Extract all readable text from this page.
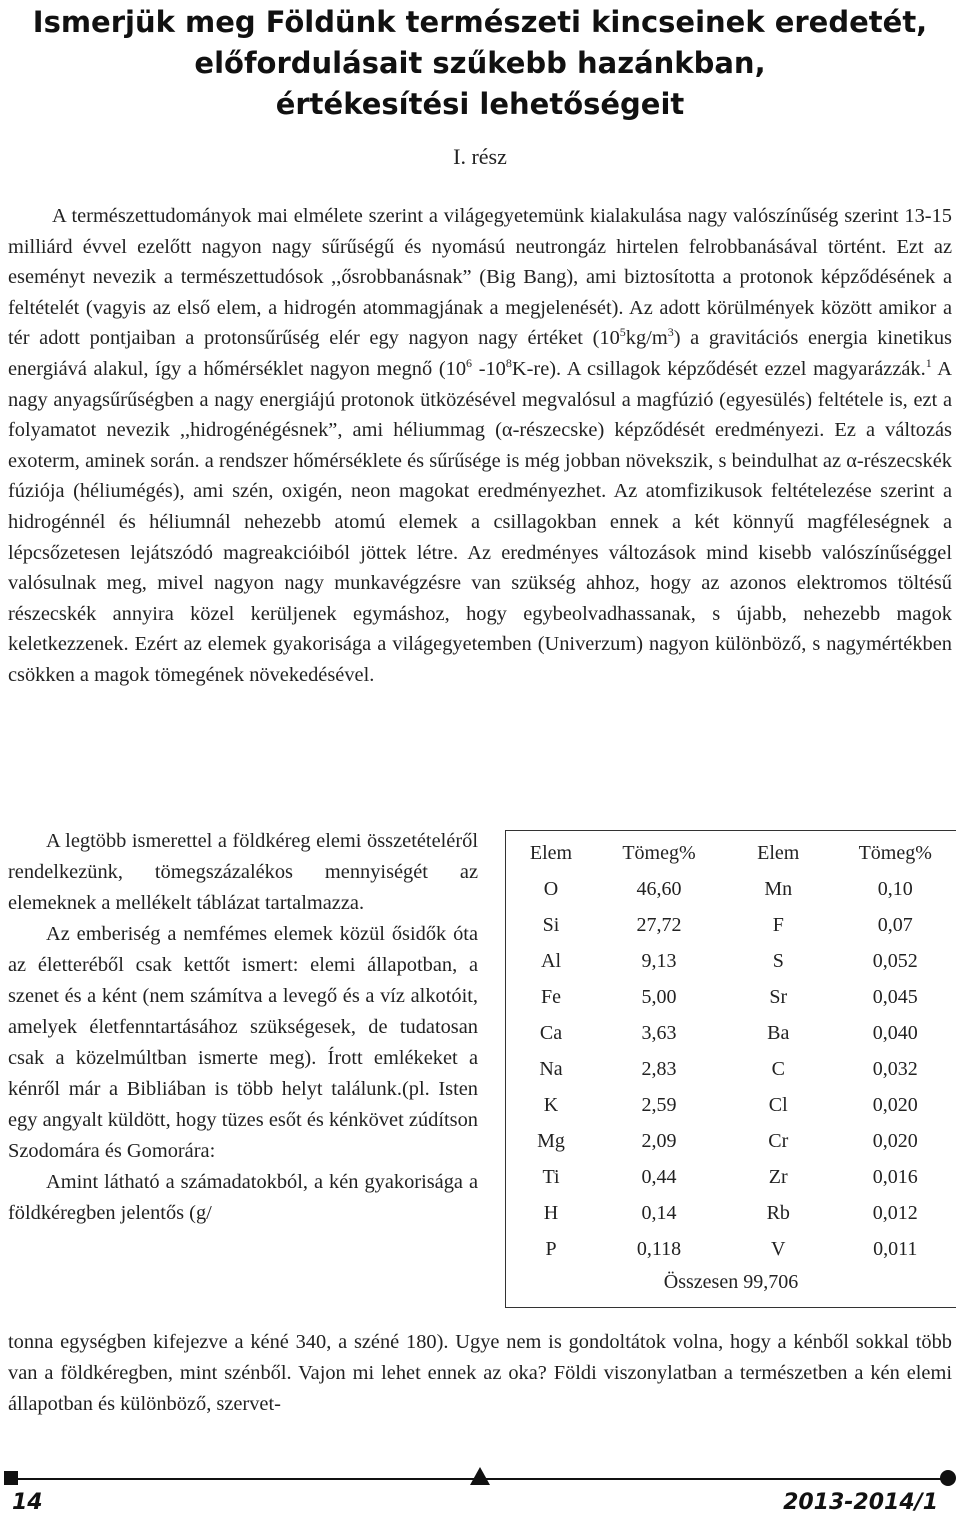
Ismerjük meg Földünk természeti kincseinek eredetét,
előfordulásait szűkebb hazánkban,
értékesítési lehetőségeit
I. rész

A természettudományok mai elmélete szerint a világegyetemünk kialakulása nagy valószínűség szerint 13-15 milliárd évvel ezelőtt nagyon nagy sűrűségű és nyomású neutrongáz hirtelen felrobbanásával történt. Ezt az eseményt nevezik a természettudósok ,,ősrobbanásnak” (Big Bang), ami biztosította a protonok képződésének a feltételét (vagyis az első elem, a hidrogén atommagjának a megjelenését). Az adott körülmények között amikor a tér adott pontjaiban a protonsűrűség elér egy nagyon nagy értéket $(10^5kg/m^3)$ a gravitációs energia kinetikus energiává alakul, így a hőmérséklet nagyon megnő ($10^6$ $-10^8K-re$). A csillagok képződését ezzel magyarázzák.$^1$ A nagy anyagsűrűségben a nagy energiájú protonok ütközésével megvalósul a magfúzió (egyesülés) feltétele is, ezt a folyamatot nevezik ,,hidrogénégésnek”, ami héliummag (α-részecske) képződését eredményezi. Ez a változás exoterm, aminek során. a rendszer hőmérséklete és sűrűsége is még jobban növekszik, s beindulhat az α-részecskék fúziója (héliumégés), ami szén, oxigén, neon magokat eredményezhet. Az atomfizikusok feltételezése szerint a hidrogénnél és héliumnál nehezebb atomú elemek a csillagokban ennek a két könnyű magféleségnek a lépcsőzetesen lejátszódó magreakcióiból jöttek létre. Az eredményes változások mind kisebb valószínűséggel valósulnak meg, mivel nagyon nagy munkavégzésre van szükség ahhoz, hogy az azonos elektromos töltésű részecskék annyira közel kerüljenek egymáshoz, hogy egybeolvadhassanak, s újabb, nehezebb magok keletkezzenek. Ezért az elemek gyakorisága a világegyetemben (Univerzum) nagyon különböző, s nagymértékben csökken a magok tömegének növekedésével.

A legtöbb ismerettel a földkéreg elemi összetételéről rendelkezünk, tömegszázalékos mennyiségét az elemeknek a mellékelt táblázat tartalmazza.

Az emberiség a nemfémes elemek közül ősidők óta az életteréből csak kettőt ismert: elemi állapotban, a szenet és a ként (nem számítva a levegő és a víz alkotóit, amelyek életfenntartásához szükségesek, de tudatosan csak a közelmúltban ismerte meg). Írott emlékeket a kénről már a Bibliában is több helyt találunk.(pl. Isten egy angyalt küldött, hogy tüzes esőt és kénkövet zúdítson Szodomára és Gomorára:

Amint látható a számadatokból, a kén gyakorisága a földkéregben jelentős (g/

Elem	Tömeg%	Elem	Tömeg%
O	46,60	Mn	0,10
Si	27,72	F	0,07
Al	9,13	S	0,052
Fe	5,00	Sr	0,045
Ca	3,63	Ba	0,040
Na	2,83	C	0,032
K	2,59	Cl	0,020
Mg	2,09	Cr	0,020
Ti	0,44	Zr	0,016
H	0,14	Rb	0,012
P	0,118	V	0,011
Összesen 99,706

tonna egységben kifejezve a kéné 340, a széné 180). Ugye nem is gondoltátok volna, hogy a kénből sokkal több van a földkéregben, mint szénből. Vajon mi lehet ennek az oka? Földi viszonylatban a természetben a kén elemi állapotban és különböző, szervet-

14	2013-2014/1
